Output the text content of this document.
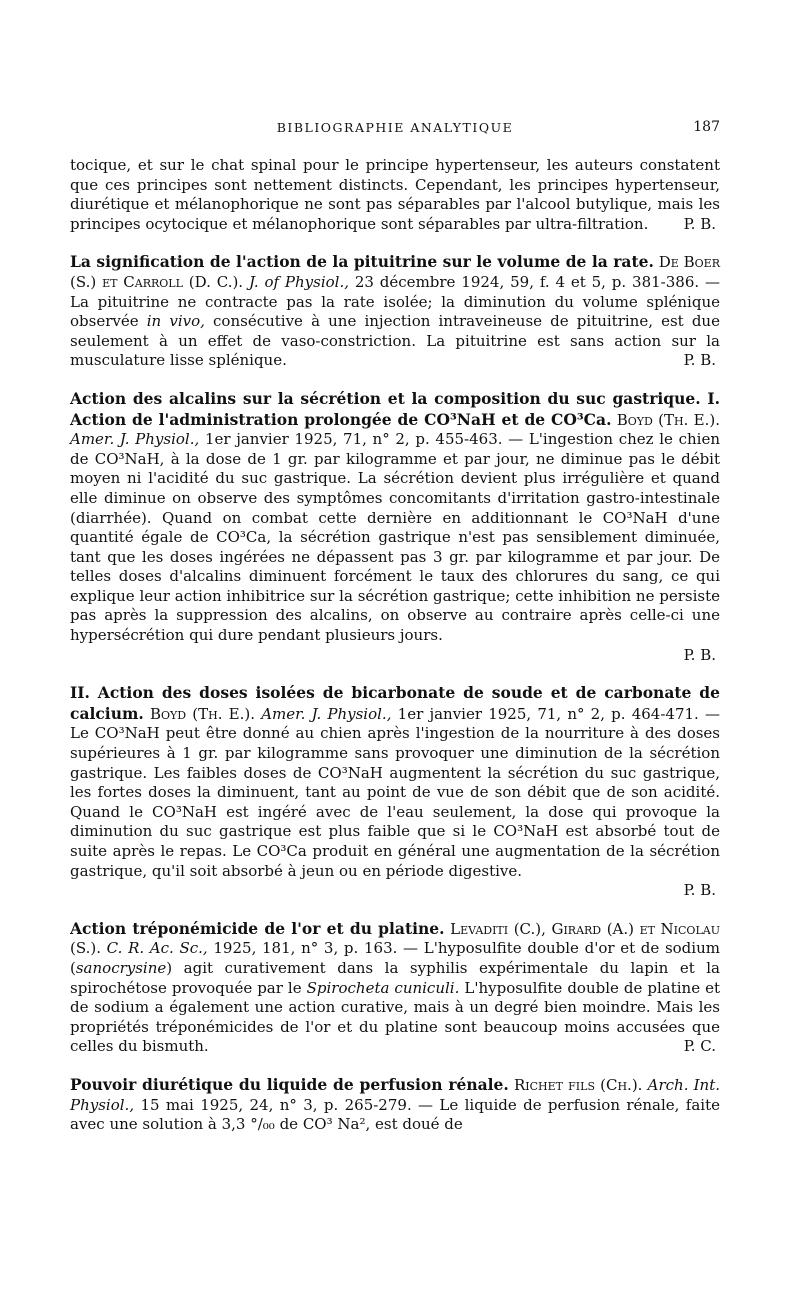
BIBLIOGRAPHIE ANALYTIQUE	187

tocique, et sur le chat spinal pour le principe hypertenseur, les auteurs constatent que ces principes sont nettement distincts. Cependant, les principes hypertenseur, diurétique et mélanophorique ne sont pas séparables par l'alcool butylique, mais les principes ocytocique et mélanophorique sont séparables par ultra-filtration. P. B.

La signification de l'action de la pituitrine sur le volume de la rate. De Boer (S.) et Carroll (D. C.). J. of Physiol., 23 décembre 1924, 59, f. 4 et 5, p. 381-386. — La pituitrine ne contracte pas la rate isolée; la diminution du volume splénique observée in vivo, consécutive à une injection intraveineuse de pituitrine, est due seulement à un effet de vaso-constriction. La pituitrine est sans action sur la musculature lisse splénique.	P. B.

Action des alcalins sur la sécrétion et la composition du suc gastrique. I. Action de l'administration prolongée de CO³NaH et de CO³Ca. Boyd (Th. E.). Amer. J. Physiol., 1er janvier 1925, 71, n° 2, p. 455-463. — L'ingestion chez le chien de CO³NaH, à la dose de 1 gr. par kilogramme et par jour, ne diminue pas le débit moyen ni l'acidité du suc gastrique. La sécrétion devient plus irrégulière et quand elle diminue on observe des symptômes concomitants d'irritation gastro-intestinale (diarrhée). Quand on combat cette dernière en additionnant le CO³NaH d'une quantité égale de CO³Ca, la sécrétion gastrique n'est pas sensiblement diminuée, tant que les doses ingérées ne dépassent pas 3 gr. par kilogramme et par jour. De telles doses d'alcalins diminuent forcément le taux des chlorures du sang, ce qui explique leur action inhibitrice sur la sécrétion gastrique; cette inhibition ne persiste pas après la suppression des alcalins, on observe au contraire après celle-ci une hypersécrétion qui dure pendant plusieurs jours.

P. B.

II. Action des doses isolées de bicarbonate de soude et de carbonate de calcium. Boyd (Th. E.). Amer. J. Physiol., 1er janvier 1925, 71, n° 2, p. 464-471. — Le CO³NaH peut être donné au chien après l'ingestion de la nourriture à des doses supérieures à 1 gr. par kilogramme sans provoquer une diminution de la sécrétion gastrique. Les faibles doses de CO³NaH augmentent la sécrétion du suc gastrique, les fortes doses la diminuent, tant au point de vue de son débit que de son acidité. Quand le CO³NaH est ingéré avec de l'eau seulement, la dose qui provoque la diminution du suc gastrique est plus faible que si le CO³NaH est absorbé tout de suite après le repas. Le CO³Ca produit en général une augmentation de la sécrétion gastrique, qu'il soit absorbé à jeun ou en période digestive.

P. B.

Action tréponémicide de l'or et du platine. Levaditi (C.), Girard (A.) et Nicolau (S.). C. R. Ac. Sc., 1925, 181, n° 3, p. 163. — L'hyposulfite double d'or et de sodium (sanocrysine) agit curativement dans la syphilis expérimentale du lapin et la spirochétose provoquée par le Spirocheta cuniculi. L'hyposulfite double de platine et de sodium a également une action curative, mais à un degré bien moindre. Mais les propriétés tréponémicides de l'or et du platine sont beaucoup moins accusées que celles du bismuth.	P. C.

Pouvoir diurétique du liquide de perfusion rénale. Richet fils (Ch.). Arch. Int. Physiol., 15 mai 1925, 24, n° 3, p. 265-279. — Le liquide de perfusion rénale, faite avec une solution à 3,3 °/₀₀ de CO³ Na², est doué de
